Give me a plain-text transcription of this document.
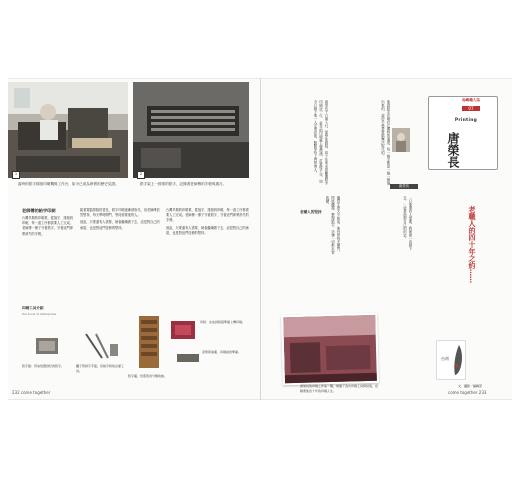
1	2
當時的鉛字排版印刷機與工作台，如今已成為珍貴的歷史見證。	鉛字架上一排排的鉛字，記錄著老師傅的手藝與歲月。
老師傅的鉛字印刷

台灣早期的印刷業，從撿字、排版到印刷，每一道工序都需要人工完成。老師傅一輩子守著鉛字，守著這門即將消失的手藝。

隨著電腦排版的普及，鉛字印刷逐漸被取代，但老師傅依然堅持，每天準時開門，等待需要他的人。

他說，只要還有人需要，就會繼續做下去，這是對自己的承諾，也是對這門技藝的堅持。

台灣早期的印刷業，從撿字、排版到印刷，每一道工序都需要人工完成。老師傅一輩子守著鉛字，守著這門即將消失的手藝。

他說，只要還有人需要，就會繼續做下去，這是對自己的承諾，也是對這門技藝的堅持。

印刷工具介紹
the tools of letterpress
鉛字盤：用來放置排好的鉛字。	鑷子與排字手盤，是撿字時的必備工具。
鉛字櫃，依照部首分類收納。
印版：完成排版後準備上機印刷。
滾筒與油墨，印刷前的準備。
232 come together
唐榮長十六歲入行，從學徒做起，四十年來未曾離開鉛字印刷這一行。 當年的印刷廠人聲鼎沸，訂單接不完，如今只剩下他一人守著店面，默默等待上門的客人。	他說鉛字印刷有它獨特的溫度，每一個字都是一個一個撿出來的，這份手感是電腦無法取代的。	島嶼職人誌
07
Printing
唐榮長
老職人的四十年之約……
唐榮長
儘管生意大不如前，他仍然每天開門，擦拭機器，整理鉛字，彷彿一切都未曾改變。	「只要還有人需要，我就會一直做下去。」這是他對自己的約定。
老職人的堅持
唐榮長的印刷工作室一隅，堆滿了各式印刷工具與紙張，記錄著他四十年的印刷人生。
台南
文．攝影／編輯部
come together 233
